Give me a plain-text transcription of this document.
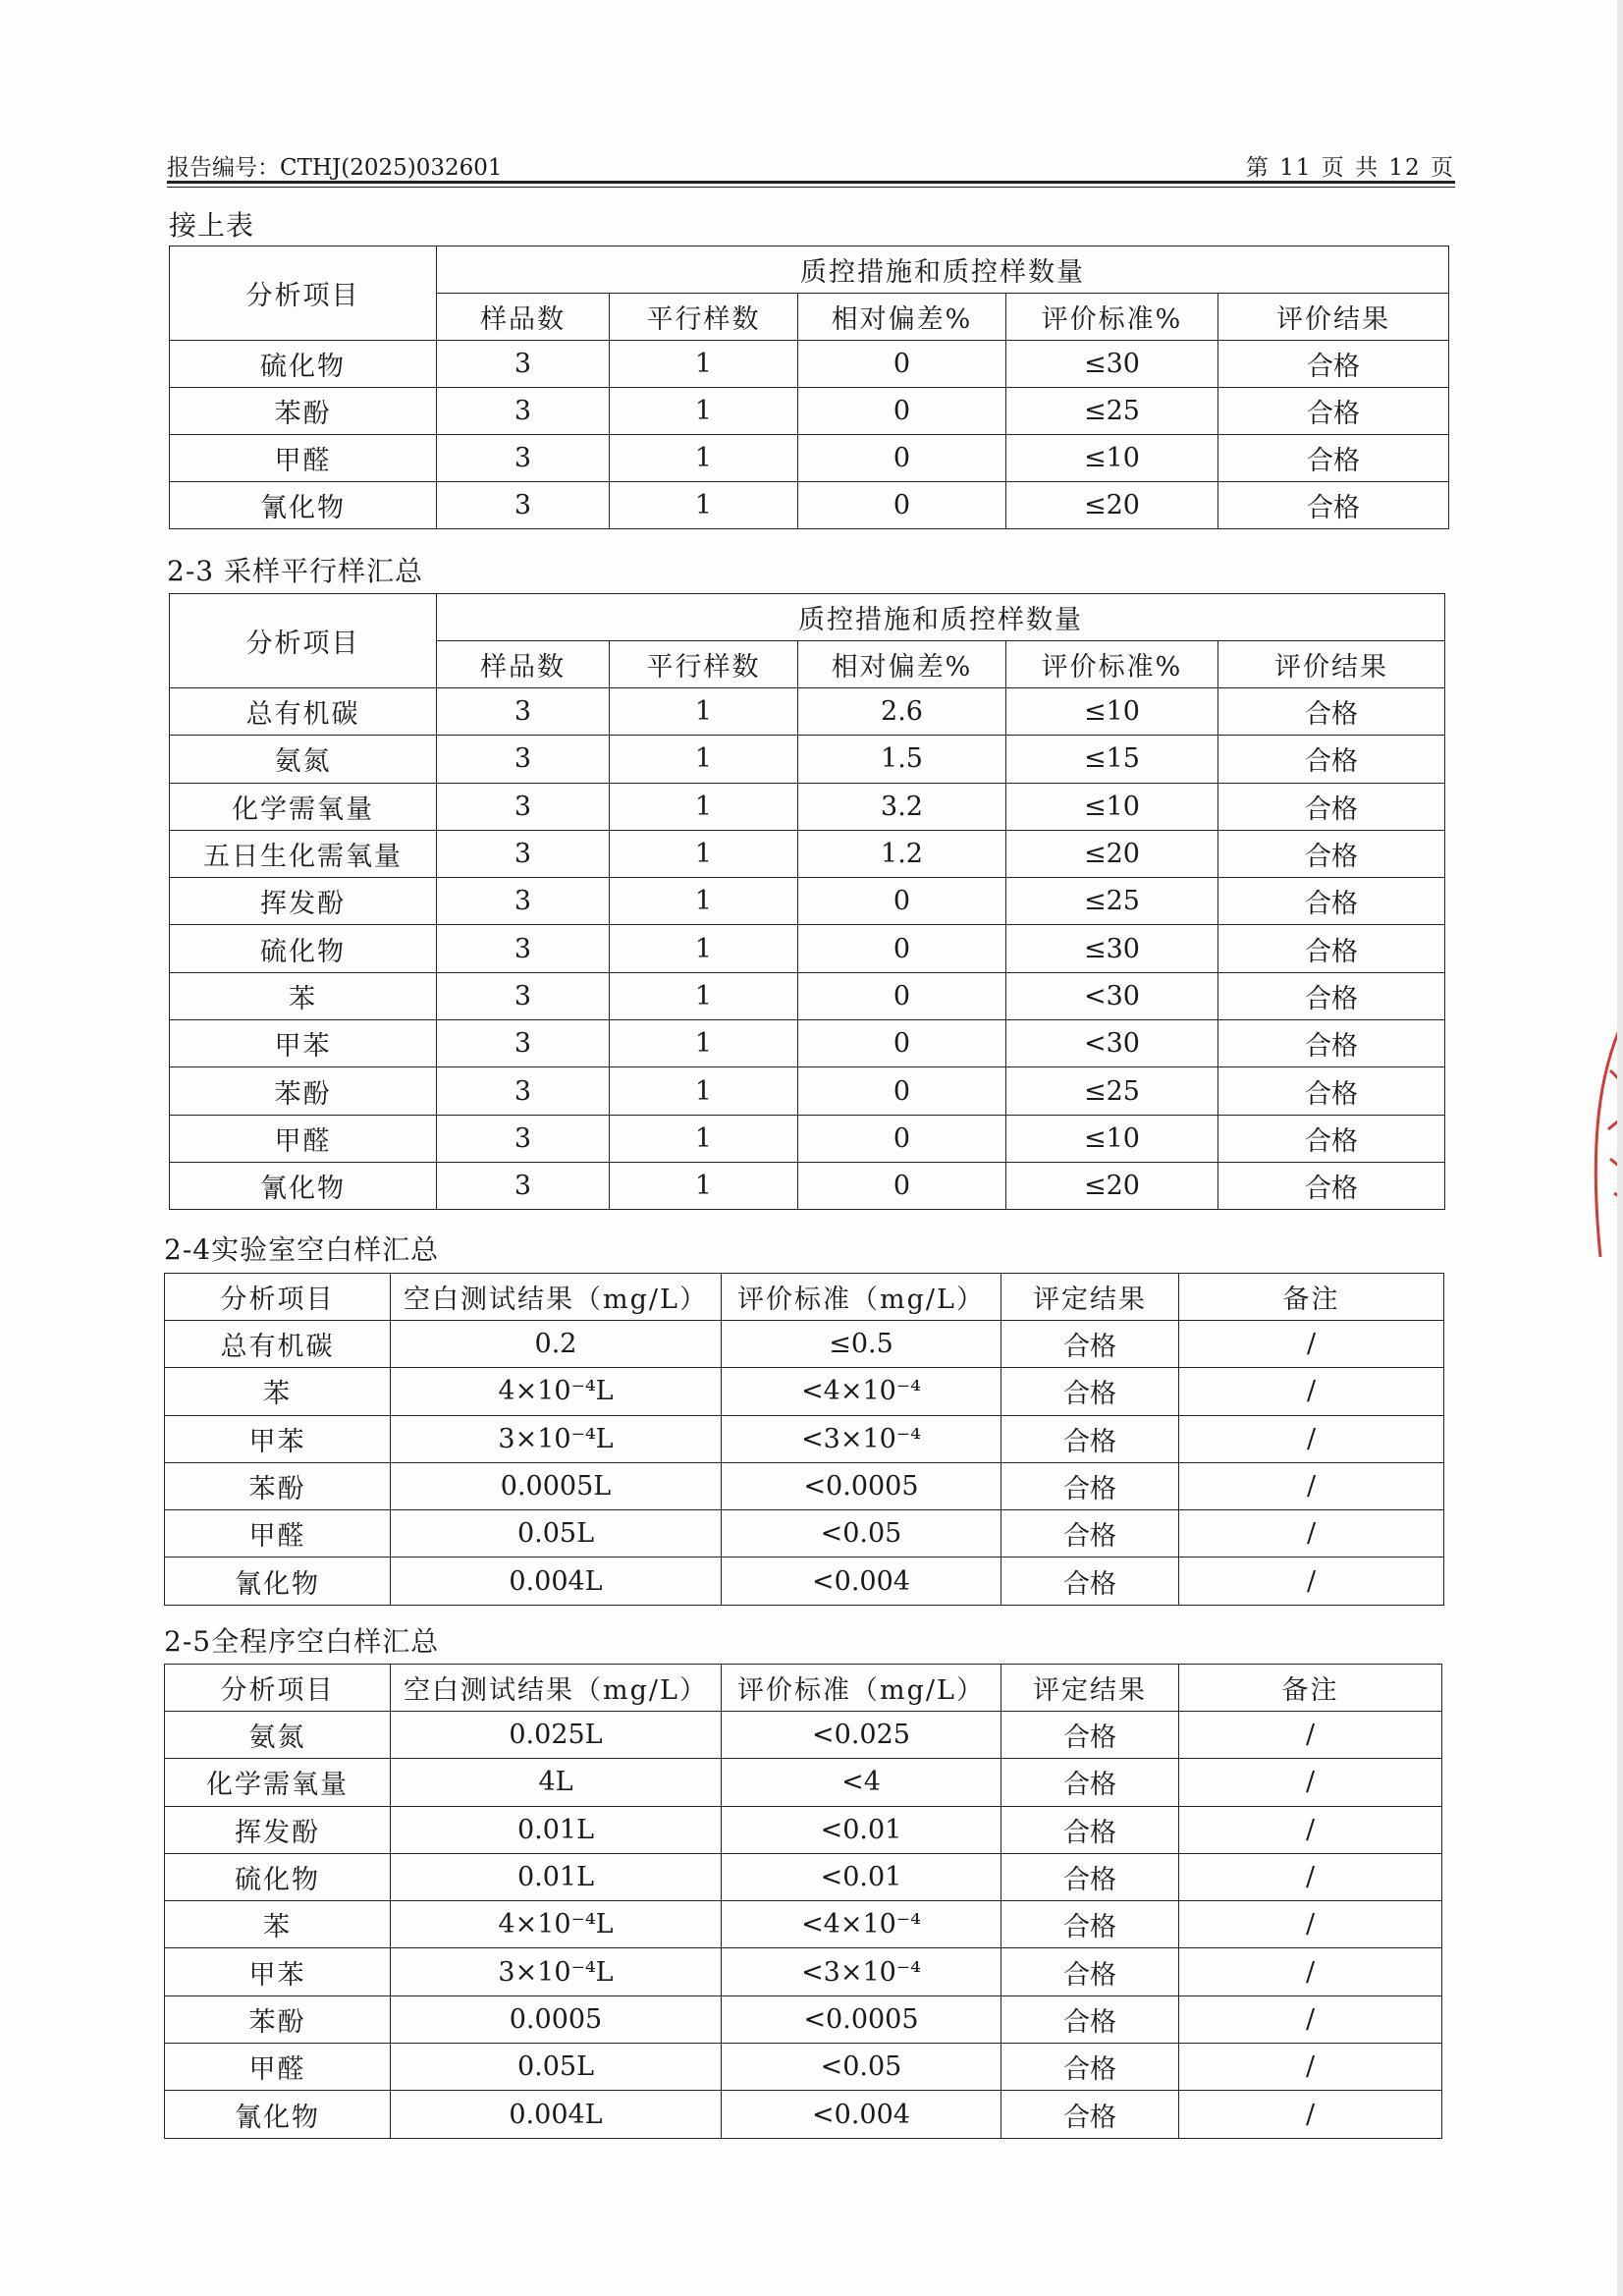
报告编号：CTHJ(2025)032601	第 11 页 共 12 页
接上表
分析项目	质控措施和质控样数量				
	样品数	平行样数	相对偏差%	评价标准%	评价结果
硫化物	3	1	0	≤30	合格
苯酚	3	1	0	≤25	合格
甲醛	3	1	0	≤10	合格
氰化物	3	1	0	≤20	合格
2-3 采样平行样汇总
分析项目	质控措施和质控样数量				
	样品数	平行样数	相对偏差%	评价标准%	评价结果
总有机碳	3	1	2.6	≤10	合格
氨氮	3	1	1.5	≤15	合格
化学需氧量	3	1	3.2	≤10	合格
五日生化需氧量	3	1	1.2	≤20	合格
挥发酚	3	1	0	≤25	合格
硫化物	3	1	0	≤30	合格
苯	3	1	0	<30	合格
甲苯	3	1	0	<30	合格
苯酚	3	1	0	≤25	合格
甲醛	3	1	0	≤10	合格
氰化物	3	1	0	≤20	合格
2-4实验室空白样汇总
分析项目	空白测试结果（mg/L）	评价标准（mg/L）	评定结果	备注
总有机碳	0.2	≤0.5	合格	/
苯	4×10⁻⁴L	<4×10⁻⁴	合格	/
甲苯	3×10⁻⁴L	<3×10⁻⁴	合格	/
苯酚	0.0005L	<0.0005	合格	/
甲醛	0.05L	<0.05	合格	/
氰化物	0.004L	<0.004	合格	/
2-5全程序空白样汇总
分析项目	空白测试结果（mg/L）	评价标准（mg/L）	评定结果	备注
氨氮	0.025L	<0.025	合格	/
化学需氧量	4L	<4	合格	/
挥发酚	0.01L	<0.01	合格	/
硫化物	0.01L	<0.01	合格	/
苯	4×10⁻⁴L	<4×10⁻⁴	合格	/
甲苯	3×10⁻⁴L	<3×10⁻⁴	合格	/
苯酚	0.0005	<0.0005	合格	/
甲醛	0.05L	<0.05	合格	/
氰化物	0.004L	<0.004	合格	/
